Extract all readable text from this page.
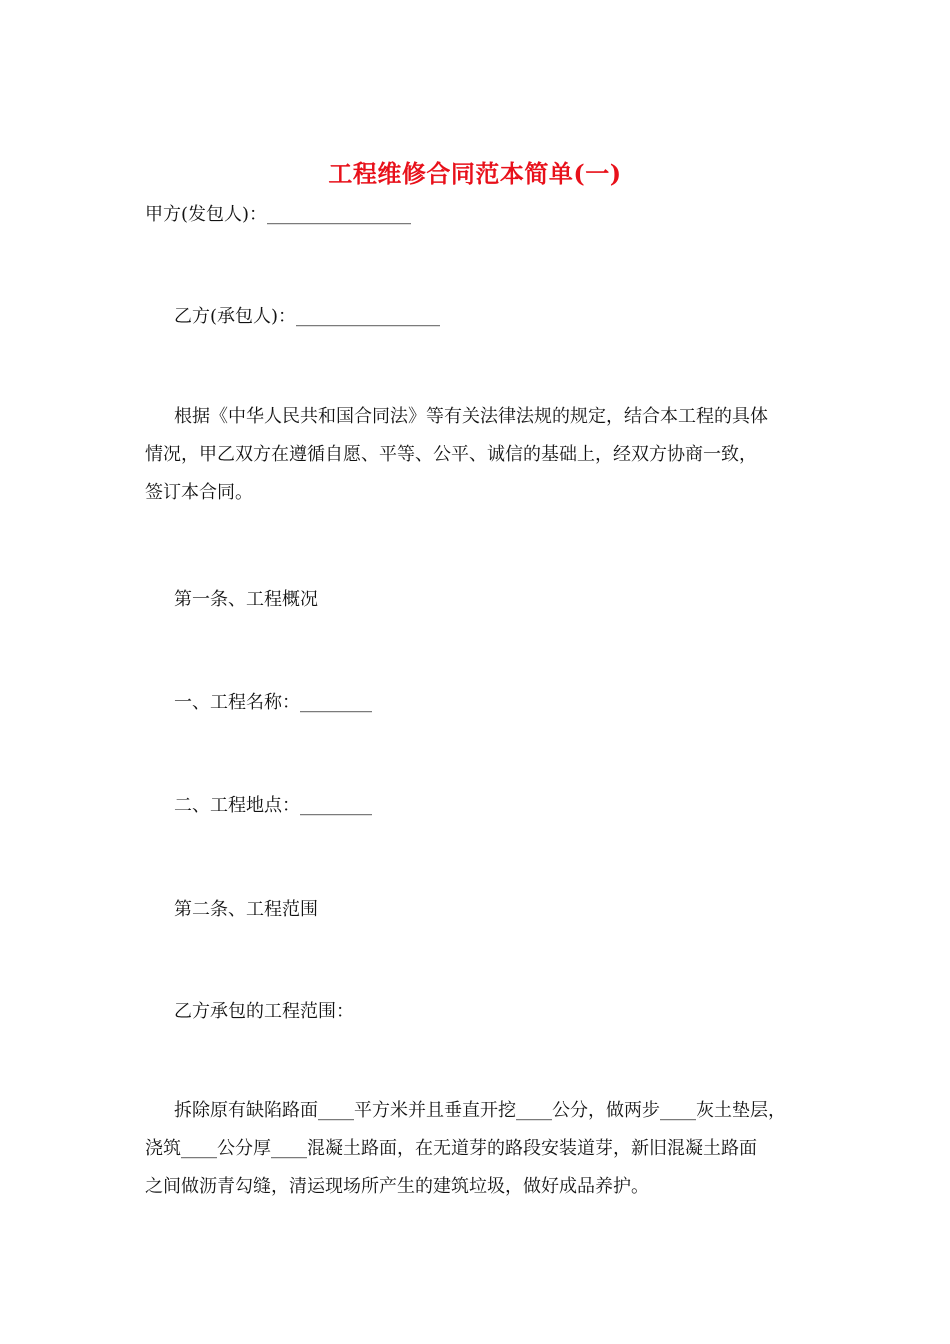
工程维修合同范本简单(一)
甲方(发包人)：________________
乙方(承包人)：________________
根据《中华人民共和国合同法》等有关法律法规的规定，结合本工程的具体
情况，甲乙双方在遵循自愿、平等、公平、诚信的基础上，经双方协商一致，
签订本合同。
第一条、工程概况
一、工程名称：________
二、工程地点：________
第二条、工程范围
乙方承包的工程范围：
拆除原有缺陷路面____平方米并且垂直开挖____公分，做两步____灰土垫层，
浇筑____公分厚____混凝土路面，在无道芽的路段安装道芽，新旧混凝土路面
之间做沥青勾缝，清运现场所产生的建筑垃圾，做好成品养护。
